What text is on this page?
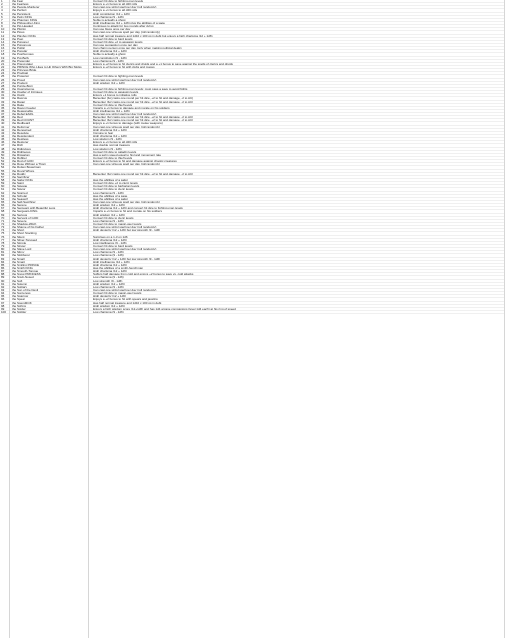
1	the Fear	Convert hit dice to fighting-man levels
2	the Fearless	Enjoys a +1 bonus to all d20 rolls
3	the People-Murderer	Can cast one sinful spell per day (roll randomly)
4	the Perfect	Enjoys a +1 bonus to all d20 rolls
5	the Persistent	High constitution (12 + 1d6)
6	the Petty KING	Low charisma (9 - 1d6)
7	the Phantom KING	Noble is actually a ghost
8	the Philosopher-King	High intelligence (12 + 1d6) plus the abilities of a sage
9	the Pig-Headed	Continues to attack for two rounds after dying
10	the Pilgrim	Can use bless once per day
11	the Pious	Can cast one virtuous spell per day (roll randomly)
12	the Playboy KING	Has half normal treasure and 1d10 x 100 gp in debt but enjoys a high charisma (12 + 1d6)
13	the Poet	Convert hit dice to bard levels
14	the Poisoner	Convert hit dice +2 to assassin levels
15	the Poisonous	Can use suggestion once per day
16	the Politic	Can charm person once per day (only when making political deals)
17	the Popular	High charisma (12 + 1d6)
18	the Posthumous	Noble is actually a ghost
19	the Pot-Belly	Low constitution (9 - 1d6)
20	the Pretender	Low charisma (9 - 1d6)
21	the Priest-Hater	Enjoys a +2 bonus to hit clerics and druids and a +1 bonus to save against the spells of clerics and druids
22	the PRINCE Who Likes to Hit Others With Big Sticks	Enjoys a +2 bonus to hit with clubs and maces
23	the Princess Bride
24	the Prodigal
25	the Protector	Convert hit dice to fighting-man levels
26	the Proud	Can cast one sinful spell per day (roll randomly)
27	the Prudent	High wisdom (12 + 1d6)
28	the Purple-Born
29	the Quarrelsome	Convert hit dice to fighting-man levels; must pass a save to avoid fights
30	the Queller of Intrigues	Convert hit dice to assassin levels
31	the Quick	Enjoys +1 bonus to initiative rolls
32	the Raccus	Berserker (fury lasts one round per hit dice, +2 to hit and damage, -2 to AC)
33	the Rager	Berserker (fury lasts one round per hit dice, +2 to hit and damage, -2 to AC)
34	the Rake	Convert hit dice to thief levels
35	the Raven Feeder	Imparts a +1 bonus to damage and morale on his soldiers
36	the Reasonable	High intelligence (12 + 1d6)
37	the Rebel EARL	Can cast one sinful spell per day (roll randomly)
38	the Red	Berserker (fury lasts one round per hit dice, +2 to hit and damage, -2 to AC)
39	the Red COUNT	Berserker (fury lasts one round per hit dice, +2 to hit and damage, -2 to AC)
40	the Redbeard	Enjoys a +1 bonus to damage (with melee weapons)
41	the Reformer	Can cast one virtuous spell per day (roll randomly)
42	the Renowned	High charisma (12 + 1d6)
43	the Resolute	Immune to fear
44	the Resplendent	High charisma (12 + 1d6)
45	the Restless	Low wisdom (9 - 1d6)
46	the Restorer	Enjoys a +1 bonus to all d20 rolls
47	the Rich	Has double normal treasure
48	the Ridiculous	Low wisdom (9 - 1d6)
49	the Righteous	Convert hit dice to paladin levels
50	the Ripsarian	Has a swim speed equal to his land movement rate
51	the Robber	Convert hit dice to thief levels
52	the Rod of GOD	Enjoys a +2 bonus to hit and damage against chaotic creatures
53	the Rose Without a Thorn	Can cast one virtuous spell per day (roll randomly)
54	the Rotten Bowelman
55	the Royal Whore
56	the Ruddy	Berserker (fury lasts one round per hit dice, +2 to hit and damage, -2 to AC)
57	the Sacrificer
58	the Sailor KING	Has the abilities of a sailor
59	the Saint	Convert hit dice +2 to cleric levels
60	the Savage	Convert hit dice to barbarian levels
61	the Savior	Convert hit dice to cleric levels
62	the Scarred	Low charisma (9 - 1d6)
63	the Scholar	Has the abilities of a sage
64	the Seawolf	Has the abilities of a sailor
65	the Self-Sacrificer	Can cast one virtuous spell per day (roll randomly)
66	the Serene	High wisdom (12 + 1d6)
67	the Sergeant with Beautiful Legs	High charisma (12 + 1d6) and convert hit dice to fighting-man levels
68	the Sergeant-KING	Imparts a +1 bonus to hit and morale on his soldiers
69	the Serious	High wisdom (12 + 1d6)
70	the Servant of GOD	Convert hit dice to cleric levels
71	the Severe	Low charisma (9 - 1d6)
72	the Shadow-Witch	Convert hit dice to magic-user levels
73	the Shame of his Father	Can cast one sinful spell per day (roll randomly)
74	the Short	High dexterity (12 + 1d6) but low strength (9 - 1d6)
75	the Short Stocking
76	the Silent	Surprises on a 1-3 on 1d6
77	the Silver-Tongued	High charisma (12 + 1d6)
78	the Simple	Low intelligence (9 - 1d6)
79	the Singer	Convert hit dice to bard levels
80	the Slave Lord	Can cast one sinful spell per day (roll randomly)
81	the Slimy	Low charisma (9 - 1d6)
82	the Slobberer	Low charisma (9 - 1d6)
83	the Small	High dexterity (12 + 1d6) but low strength (9 - 1d6)
84	the Smart	High intelligence (12 + 1d6)
85	the Smiling PRINCE	High charisma (12 + 1d6)
86	the Smith KING	Has the abilities of a smith-henchman
87	the Smooth-Tongue	High charisma (12 + 1d6)
88	the Snow PRINCESS	Suffers half damage from cold and enjoys +2 bonus to save vs. cold attacks
89	the Snub-Nosed	Low charisma (9 - 1d6)
90	the Soft	Low strength (9 - 1d6)
91	the Solemn	High wisdom (12 + 1d6)
92	the Solitary	Low charisma (9 - 1d6)
93	the Son of the Devil	Can cast one sinful spell per day (roll randomly)
94	the Sorceress	Convert hit dice to magic-user levels
95	the Sparrow	High dexterity (12 + 1d6)
96	the Spear	Enjoys a +2 bonus to hit with spears and javelins
97	the Spendthrift	Has half normal treasure and 1d10 x 100 gp in debt
98	the Sphinx	High wisdom (12 + 1d6)
99	the Spider	Enjoys a high wisdom score (12+1d6) and has 1d4 arcane companions (level 1d4 each) at his ring of speed
100	the Spittler	Low charisma (9 - 1d6)
